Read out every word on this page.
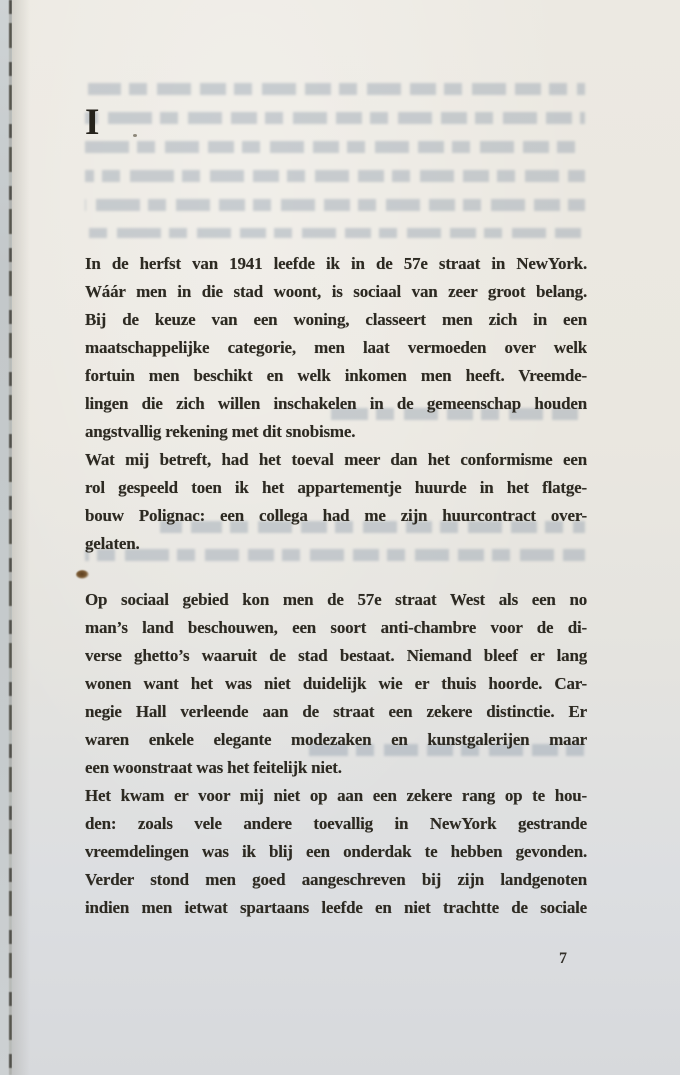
I
In de herfst van 1941 leefde ik in de 57e straat in NewYork.
Wáár men in die stad woont, is sociaal van zeer groot belang.
Bij de keuze van een woning, classeert men zich in een
maatschappelijke categorie, men laat vermoeden over welk
fortuin men beschikt en welk inkomen men heeft. Vreemde-
lingen die zich willen inschakelen in de gemeenschap houden
angstvallig rekening met dit snobisme.
Wat mij betreft, had het toeval meer dan het conformisme een
rol gespeeld toen ik het appartementje huurde in het flatge-
bouw Polignac: een collega had me zijn huurcontract over-
gelaten.
Op sociaal gebied kon men de 57e straat West als een no
man’s land beschouwen, een soort anti-chambre voor de di-
verse ghetto’s waaruit de stad bestaat. Niemand bleef er lang
wonen want het was niet duidelijk wie er thuis hoorde. Car-
negie Hall verleende aan de straat een zekere distinctie. Er
waren enkele elegante modezaken en kunstgalerijen maar
een woonstraat was het feitelijk niet.
Het kwam er voor mij niet op aan een zekere rang op te hou-
den: zoals vele andere toevallig in NewYork gestrande
vreemdelingen was ik blij een onderdak te hebben gevonden.
Verder stond men goed aangeschreven bij zijn landgenoten
indien men ietwat spartaans leefde en niet trachtte de sociale
7
